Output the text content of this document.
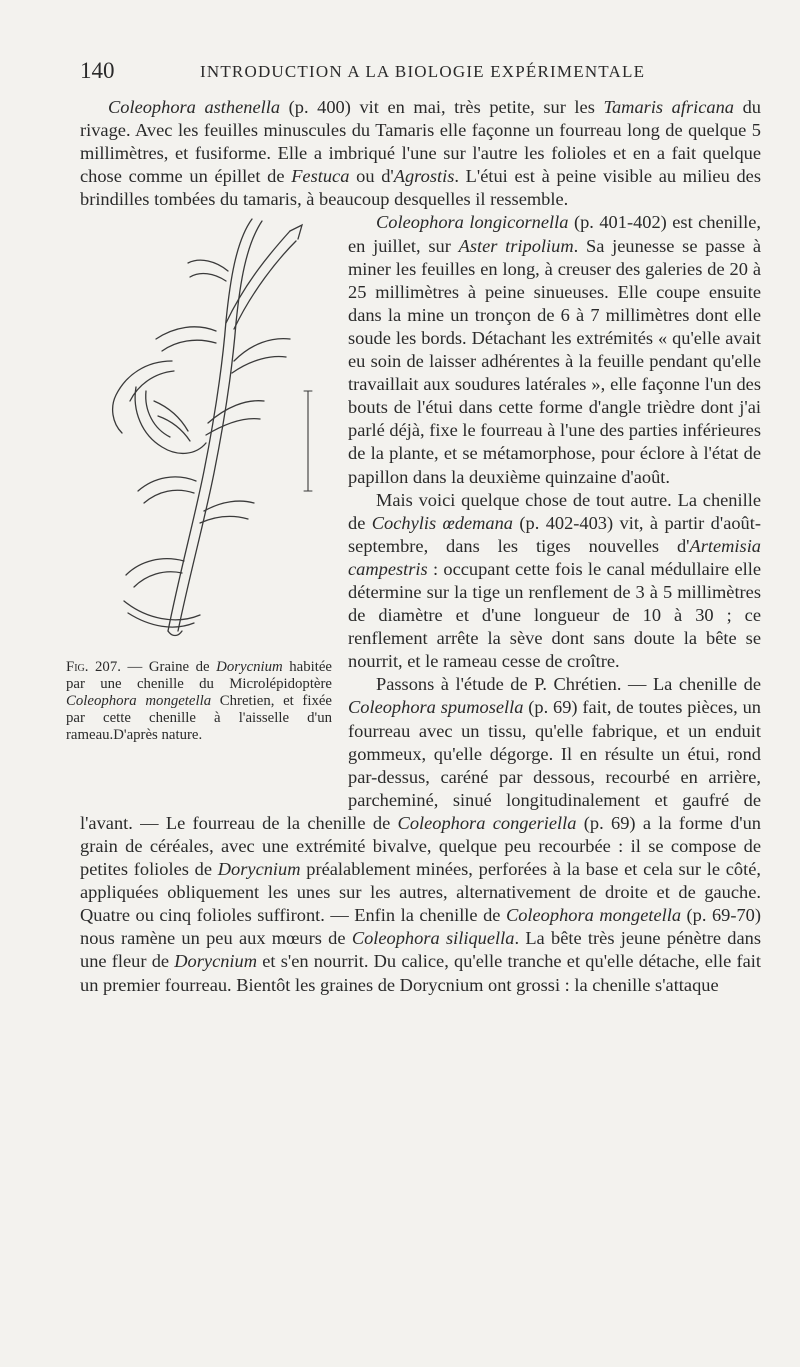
140	INTRODUCTION A LA BIOLOGIE EXPÉRIMENTALE

Coleophora asthenella (p. 400) vit en mai, très petite, sur les Tamaris africana du rivage. Avec les feuilles minuscules du Tamaris elle façonne un fourreau long de quelque 5 millimètres, et fusiforme. Elle a imbriqué l'une sur l'autre les folioles et en a fait quelque chose comme un épillet de Festuca ou d'Agrostis. L'étui est à peine visible au milieu des brindilles tombées du tamaris, à beaucoup desquelles il ressemble.

Fig. 207. — Graine de Dorycnium habitée par une chenille du Microlépidoptère Coleophora mongetella Chretien, et fixée par cette chenille à l'aisselle d'un rameau.D'après nature.
Coleophora longicornella (p. 401-402) est chenille, en juillet, sur Aster tripolium. Sa jeunesse se passe à miner les feuilles en long, à creuser des galeries de 20 à 25 millimètres à peine sinueuses. Elle coupe ensuite dans la mine un tronçon de 6 à 7 millimètres dont elle soude les bords. Détachant les extrémités « qu'elle avait eu soin de laisser adhérentes à la feuille pendant qu'elle travaillait aux soudures latérales », elle façonne l'un des bouts de l'étui dans cette forme d'angle trièdre dont j'ai parlé déjà, fixe le fourreau à l'une des parties inférieures de la plante, et se métamorphose, pour éclore à l'état de papillon dans la deuxième quinzaine d'août.

Mais voici quelque chose de tout autre. La chenille de Cochylis œdemana (p. 402-403) vit, à partir d'août-septembre, dans les tiges nouvelles d'Artemisia campestris : occupant cette fois le canal médullaire elle détermine sur la tige un renflement de 3 à 5 millimètres de diamètre et d'une longueur de 10 à 30 ; ce renflement arrête la sève dont sans doute la bête se nourrit, et le rameau cesse de croître.

Passons à l'étude de P. Chrétien. — La chenille de Coleophora spumosella (p. 69) fait, de toutes pièces, un fourreau avec un tissu, qu'elle fabrique, et un enduit gommeux, qu'elle dégorge. Il en résulte un étui, rond par-dessus, caréné par dessous, recourbé en arrière, parcheminé, sinué longitudinalement et gaufré de l'avant. — Le fourreau de la chenille de Coleophora congeriella (p. 69) a la forme d'un grain de céréales, avec une extrémité bivalve, quelque peu recourbée : il se compose de petites folioles de Dorycnium préalablement minées, perforées à la base et cela sur le côté, appliquées obliquement les unes sur les autres, alternativement de droite et de gauche. Quatre ou cinq folioles suffiront. — Enfin la chenille de Coleophora mongetella (p. 69-70) nous ramène un peu aux mœurs de Coleophora siliquella. La bête très jeune pénètre dans une fleur de Dorycnium et s'en nourrit. Du calice, qu'elle tranche et qu'elle détache, elle fait un premier fourreau. Bientôt les graines de Dorycnium ont grossi : la chenille s'attaque
